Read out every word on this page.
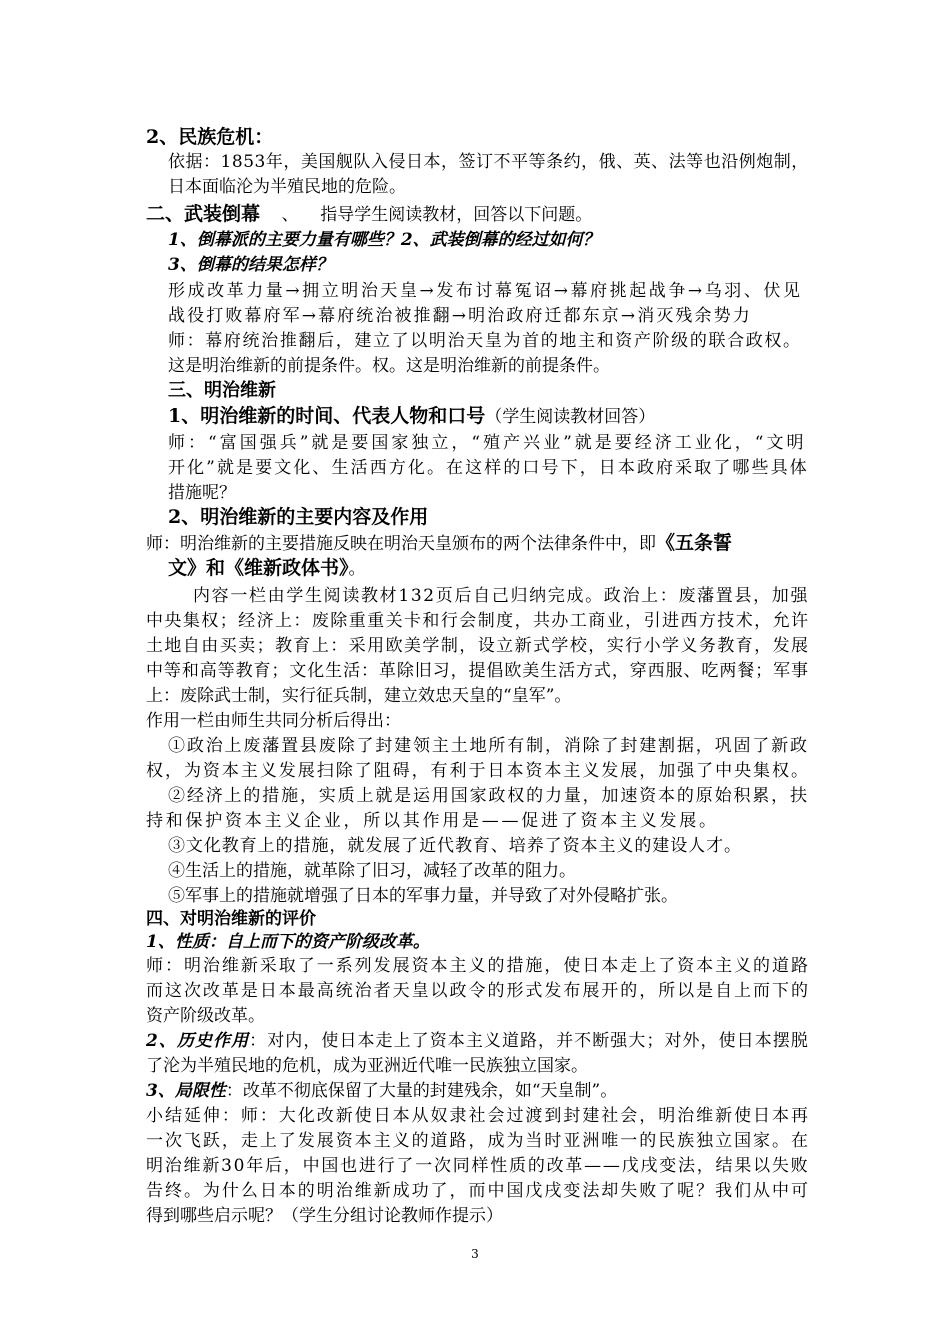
2、民族危机：
依据：1853年，美国舰队入侵日本，签订不平等条约，俄、英、法等也沿例炮制，
日本面临沦为半殖民地的危险。
二、武装倒幕    、    指导学生阅读教材，回答以下问题。
1、倒幕派的主要力量有哪些？2、武装倒幕的经过如何？
3、倒幕的结果怎样？
形成改革力量→拥立明治天皇→发布讨幕冤诏→幕府挑起战争→乌羽、伏见
战役打败幕府军→幕府统治被推翻→明治政府迁都东京→消灭残余势力
师：幕府统治推翻后，建立了以明治天皇为首的地主和资产阶级的联合政权。
这是明治维新的前提条件。权。这是明治维新的前提条件。
三、明治维新
1、明治维新的时间、代表人物和口号（学生阅读教材回答）
师：“富国强兵”就是要国家独立，“殖产兴业”就是要经济工业化，“文明
开化”就是要文化、生活西方化。在这样的口号下，日本政府采取了哪些具体
措施呢？
2、明治维新的主要内容及作用
师：明治维新的主要措施反映在明治天皇颁布的两个法律条件中，即《五条誓
文》和《维新政体书》。
内容一栏由学生阅读教材132页后自己归纳完成。政治上：废藩置县，加强
中央集权；经济上：废除重重关卡和行会制度，共办工商业，引进西方技术，允许
土地自由买卖；教育上：采用欧美学制，设立新式学校，实行小学义务教育，发展
中等和高等教育；文化生活：革除旧习，提倡欧美生活方式，穿西服、吃两餐；军事
上：废除武士制，实行征兵制，建立效忠天皇的“皇军”。
作用一栏由师生共同分析后得出：
①政治上废藩置县废除了封建领主土地所有制，消除了封建割据，巩固了新政
权，为资本主义发展扫除了阻碍，有利于日本资本主义发展，加强了中央集权。
②经济上的措施，实质上就是运用国家政权的力量，加速资本的原始积累，扶
持和保护资本主义企业，所以其作用是——促进了资本主义发展。
③文化教育上的措施，就发展了近代教育、培养了资本主义的建设人才。
④生活上的措施，就革除了旧习，减轻了改革的阻力。
⑤军事上的措施就增强了日本的军事力量，并导致了对外侵略扩张。
四、对明治维新的评价
1、性质：自上而下的资产阶级改革。
师：明治维新采取了一系列发展资本主义的措施，使日本走上了资本主义的道路
而这次改革是日本最高统治者天皇以政令的形式发布展开的，所以是自上而下的
资产阶级改革。
2、历史作用：对内，使日本走上了资本主义道路，并不断强大；对外，使日本摆脱
了沦为半殖民地的危机，成为亚洲近代唯一民族独立国家。
3、局限性：改革不彻底保留了大量的封建残余，如“天皇制”。
小结延伸：师：大化改新使日本从奴隶社会过渡到封建社会，明治维新使日本再
一次飞跃，走上了发展资本主义的道路，成为当时亚洲唯一的民族独立国家。在
明治维新30年后，中国也进行了一次同样性质的改革——戊戌变法，结果以失败
告终。为什么日本的明治维新成功了，而中国戊戌变法却失败了呢？我们从中可
得到哪些启示呢？（学生分组讨论教师作提示）
3
